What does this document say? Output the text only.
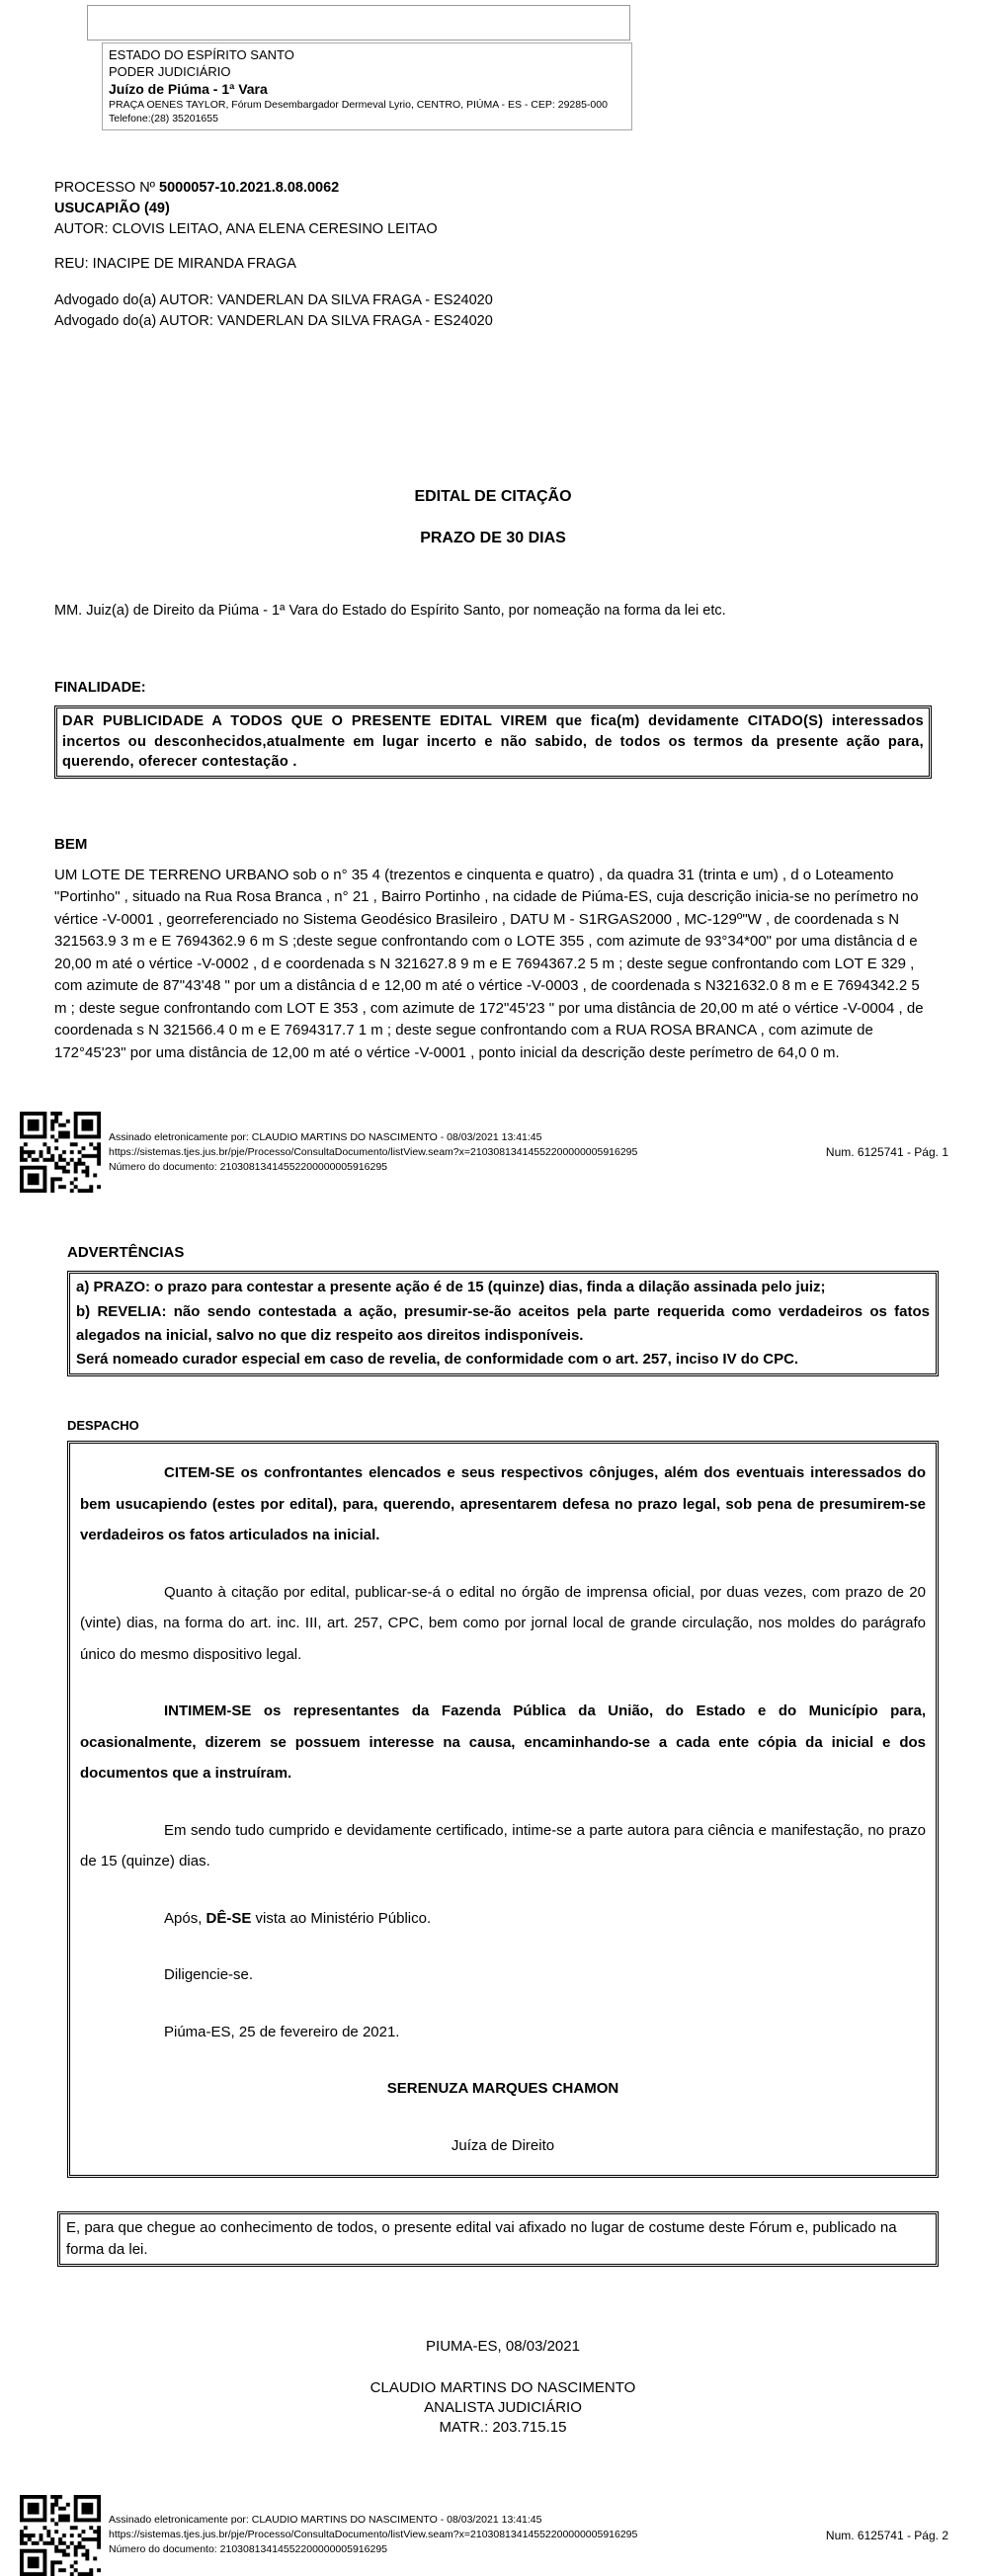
ESTADO DO ESPÍRITO SANTO
PODER JUDICIÁRIO
Juízo de Piúma - 1ª Vara
PRAÇA OENES TAYLOR, Fórum Desembargador Dermeval Lyrio, CENTRO, PIÚMA - ES - CEP: 29285-000
Telefone:(28) 35201655
PROCESSO Nº 5000057-10.2021.8.08.0062
USUCAPIÃO (49)
AUTOR: CLOVIS LEITAO, ANA ELENA CERESINO LEITAO
REU: INACIPE DE MIRANDA FRAGA
Advogado do(a) AUTOR: VANDERLAN DA SILVA FRAGA - ES24020
Advogado do(a) AUTOR: VANDERLAN DA SILVA FRAGA - ES24020
EDITAL DE CITAÇÃO
PRAZO DE 30 DIAS
MM. Juiz(a) de Direito da Piúma - 1ª Vara do Estado do Espírito Santo, por nomeação na forma da lei etc.
FINALIDADE:
DAR PUBLICIDADE A TODOS QUE O PRESENTE EDITAL VIREM que fica(m) devidamente CITADO(S) interessados incertos ou desconhecidos,atualmente em lugar incerto e não sabido, de todos os termos da presente ação para, querendo, oferecer contestação .
BEM
UM LOTE DE TERRENO URBANO sob o n° 35 4 (trezentos e cinquenta e quatro) , da quadra 31 (trinta e um) , d o Loteamento "Portinho" , situado na Rua Rosa Branca , n° 21 , Bairro Portinho , na cidade de Piúma-ES, cuja descrição inicia-se no perímetro no vértice -V-0001 , georreferenciado no Sistema Geodésico Brasileiro , DATU M - S1RGAS2000 , MC-129º"W , de coordenada s N 321563.9 3 m e E 7694362.9 6 m S ;deste segue confrontando com o LOTE 355 , com azimute de 93°34*00" por uma distância d e 20,00 m até o vértice -V-0002 , d e coordenada s N 321627.8 9 m e E 7694367.2 5 m ; deste segue confrontando com LOT E 329 , com azimute de 87"43'48 " por um a distância d e 12,00 m até o vértice -V-0003 , de coordenada s N321632.0 8 m e E 7694342.2 5 m ; deste segue confrontando com LOT E 353 , com azimute de 172"45'23 " por uma distância de 20,00 m até o vértice -V-0004 , de coordenada s N 321566.4 0 m e E 7694317.7 1 m ; deste segue confrontando com a RUA ROSA BRANCA , com azimute de 172°45'23" por uma distância de 12,00 m até o vértice -V-0001 , ponto inicial da descrição deste perímetro de 64,0 0 m.
Assinado eletronicamente por: CLAUDIO MARTINS DO NASCIMENTO - 08/03/2021 13:41:45
https://sistemas.tjes.jus.br/pje/Processo/ConsultaDocumento/listView.seam?x=21030813414552200000005916295
Número do documento: 21030813414552200000005916295
Num. 6125741 - Pág. 1
ADVERTÊNCIAS
a) PRAZO: o prazo para contestar a presente ação é de 15 (quinze) dias, finda a dilação assinada pelo juiz;
b) REVELIA: não sendo contestada a ação, presumir-se-ão aceitos pela parte requerida como verdadeiros os fatos alegados na inicial, salvo no que diz respeito aos direitos indisponíveis.
Será nomeado curador especial em caso de revelia, de conformidade com o art. 257, inciso IV do CPC.
DESPACHO

CITEM-SE os confrontantes elencados e seus respectivos cônjuges, além dos eventuais interessados do bem usucapiendo (estes por edital), para, querendo, apresentarem defesa no prazo legal, sob pena de presumirem-se verdadeiros os fatos articulados na inicial.

Quanto à citação por edital, publicar-se-á o edital no órgão de imprensa oficial, por duas vezes, com prazo de 20 (vinte) dias, na forma do art. inc. III, art. 257, CPC, bem como por jornal local de grande circulação, nos moldes do parágrafo único do mesmo dispositivo legal.

INTIMEM-SE os representantes da Fazenda Pública da União, do Estado e do Município para, ocasionalmente, dizerem se possuem interesse na causa, encaminhando-se a cada ente cópia da inicial e dos documentos que a instruíram.

Em sendo tudo cumprido e devidamente certificado, intime-se a parte autora para ciência e manifestação, no prazo de 15 (quinze) dias.

Após, DÊ-SE vista ao Ministério Público.

Diligencie-se.

Piúma-ES, 25 de fevereiro de 2021.

SERENUZA MARQUES CHAMON

Juíza de Direito

E, para que chegue ao conhecimento de todos, o presente edital vai afixado no lugar de costume deste Fórum e, publicado na forma da lei.
PIUMA-ES, 08/03/2021
CLAUDIO MARTINS DO NASCIMENTO
ANALISTA JUDICIÁRIO
MATR.: 203.715.15
Assinado eletronicamente por: CLAUDIO MARTINS DO NASCIMENTO - 08/03/2021 13:41:45
https://sistemas.tjes.jus.br/pje/Processo/ConsultaDocumento/listView.seam?x=21030813414552200000005916295
Número do documento: 21030813414552200000005916295
Num. 6125741 - Pág. 2
